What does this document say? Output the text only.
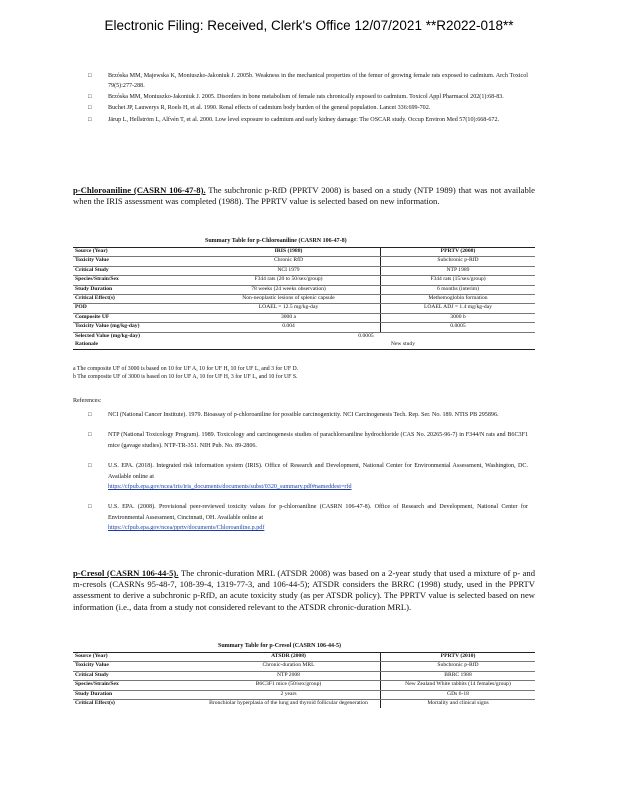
Electronic Filing: Received, Clerk's Office 12/07/2021 **R2022-018**
□	Brzóska MM, Majewska K, Moniuszko-Jakoniuk J. 2005b. Weakness in the mechanical properties of the femur of growing female rats exposed to cadmium. Arch Toxicol 79(5):277-288.
□	Brzóska MM, Moniuszko-Jakoniuk J. 2005. Disorders in bone metabolism of female rats chronically exposed to cadmium. Toxicol Appl Pharmacol 202(1):68-83.
□	Buchet JP, Lauwerys R, Roels H, et al. 1990. Renal effects of cadmium body burden of the general population. Lancet 336:699-702.
□	Järup L, Hellström L, Alfvén T, et al. 2000. Low level exposure to cadmium and early kidney damage: The OSCAR study. Occup Environ Med 57(10):668-672.
p-Chloroaniline (CASRN 106-47-8). The subchronic p-RfD (PPRTV 2008) is based on a study (NTP 1989) that was not available when the IRIS assessment was completed (1988). The PPRTV value is selected based on new information.
Summary Table for p-Chloroaniline (CASRN 106-47-8)
Source (Year)	IRIS (1988)	PPRTV (2008)
Toxicity Value	Chronic RfD	Subchronic p-RfD
Critical Study	NCI 1979	NTP 1989
Species/Strain/Sex	F344 rats (20 to 50/sex/group)	F344 rats (15/sex/group)
Study Duration	78 weeks (24 weeks observation)	6 months (interim)
Critical Effect(s)	Non-neoplastic lesions of splenic capsule	Methemoglobin formation
POD	LOAEL = 12.5 mg/kg-day	LOAEL ADJ = 1.4 mg/kg-day
Composite UF	3000 a	3000 b
Toxicity Value (mg/kg-day)	0.004	0.0005
Selected Value (mg/kg-day)	0.0005	
Rationale	New study	
a The composite UF of 3000 is based on 10 for UF A, 10 for UF H, 10 for UF L, and 3 for UF D.
b The composite UF of 3000 is based on 10 for UF A, 10 for UF H, 3 for UF L, and 10 for UF S.
References:
□	NCI (National Cancer Institute). 1979. Bioassay of p-chloroaniline for possible carcinogenicity. NCI Carcinogenesis Tech. Rep. Ser. No. 189. NTIS PB 295896.
□	NTP (National Toxicology Program). 1989. Toxicology and carcinogenesis studies of parachloroaniline hydrochloride (CAS No. 20265-96-7) in F344/N rats and B6C3F1 mice (gavage studies). NTP-TR-351. NIH Pub. No. 89-2806.
□	U.S. EPA. (2018). Integrated risk information system (IRIS). Office of Research and Development, National Center for Environmental Assessment, Washington, DC. Available online at
https://cfpub.epa.gov/ncea/iris/iris_documents/documents/subst/0320_summary.pdf#nameddest=rfd
□	U.S. EPA. (2008). Provisional peer-reviewed toxicity values for p-chloroaniline (CASRN 106-47-8). Office of Research and Development, National Center for Environmental Assessment, Cincinnati, OH. Available online at
https://cfpub.epa.gov/ncea/pprtv/documents/Chloroaniline.p.pdf
p-Cresol (CASRN 106-44-5). The chronic-duration MRL (ATSDR 2008) was based on a 2-year study that used a mixture of p- and m-cresols (CASRNs 95-48-7, 108-39-4, 1319-77-3, and 106-44-5); ATSDR considers the BRRC (1998) study, used in the PPRTV assessment to derive a subchronic p-RfD, an acute toxicity study (as per ATSDR policy). The PPRTV value is selected based on new information (i.e., data from a study not considered relevant to the ATSDR chronic-duration MRL).
Summary Table for p-Cresol (CASRN 106-44-5)
Source (Year)	ATSDR (2008)	PPRTV (2010)
Toxicity Value	Chronic-duration MRL	Subchronic p-RfD
Critical Study	NTP 2008	BRRC 1988
Species/Strain/Sex	B6C3F1 mice (50/sex/group)	New Zealand White rabbits (14 females/group)
Study Duration	2 years	GDs 6-18
Critical Effect(s)	Bronchiolar hyperplasia of the lung and thyroid follicular degeneration	Mortality and clinical signs
